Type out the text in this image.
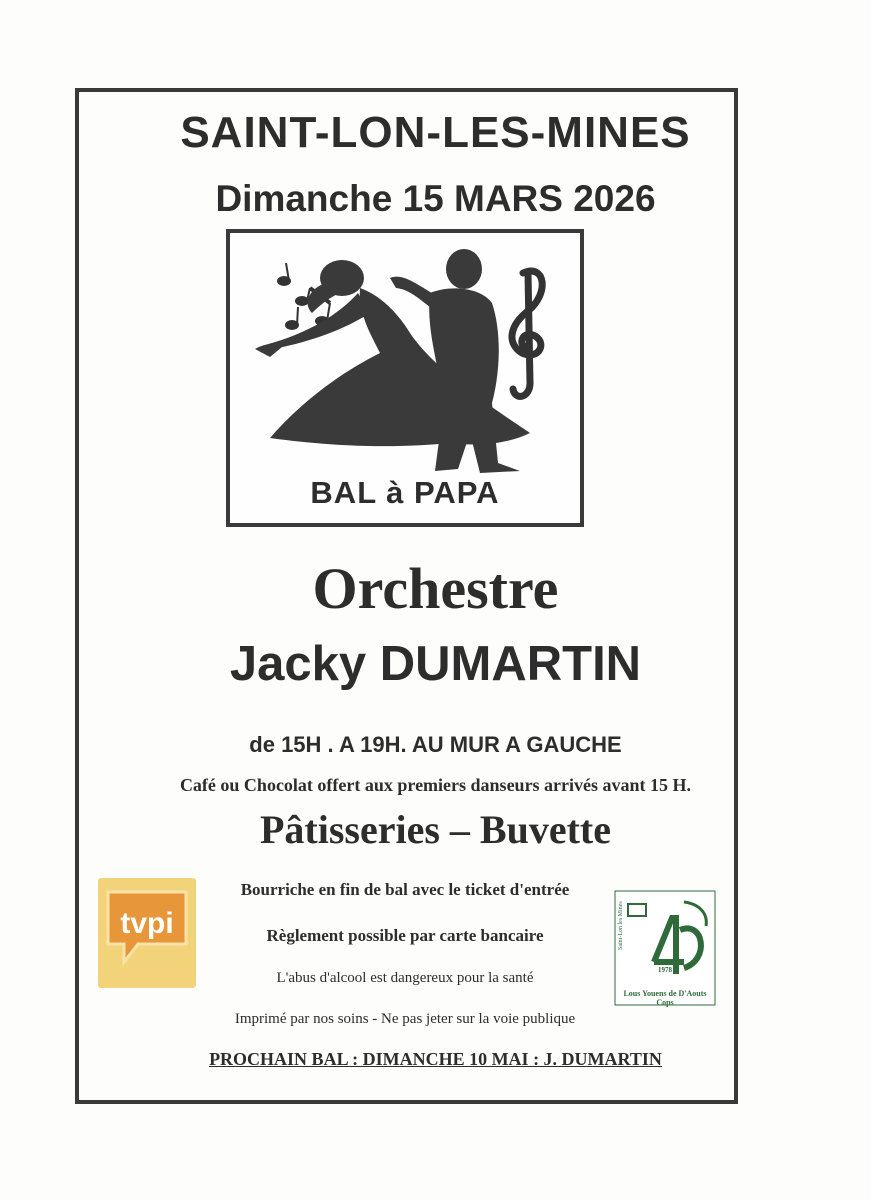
SAINT-LON-LES-MINES
Dimanche 15 MARS 2026
BAL à PAPA
Orchestre
Jacky DUMARTIN
de 15H . A 19H. AU MUR A GAUCHE
Café ou Chocolat offert aux premiers danseurs arrivés avant 15 H.
Pâtisseries – Buvette
tvpi
Bourriche en fin de bal avec le ticket d'entrée
Règlement possible par carte bancaire
L'abus d'alcool est dangereux pour la santé
Imprimé par nos soins - Ne pas jeter sur la voie publique
Saint-Lon les Mines
1978
Lous Youens de D'Aouts Cops
PROCHAIN BAL : DIMANCHE 10 MAI : J. DUMARTIN
